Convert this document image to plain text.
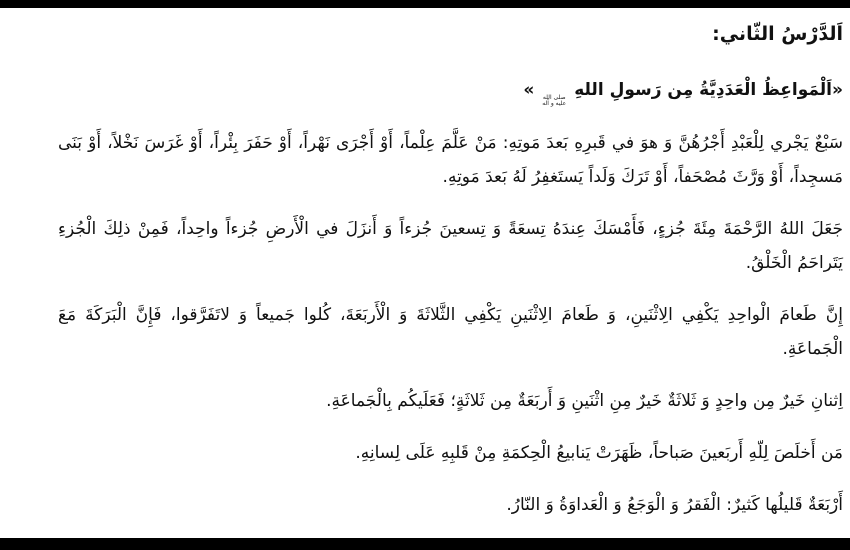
اَلدَّرْسُ الثّاني:
«اَلْمَواعِظُ الْعَدَدِيَّةُ مِن رَسولِ اللهِ
صلى الله
عليه و آله
»

سَبْعٌ يَجْري لِلْعَبْدِ أَجْرُهُنَّ وَ هوَ في قَبرِهِ بَعدَ مَوتِهِ: مَنْ عَلَّمَ عِلْماً، أَوْ أَجْرَى نَهْراً، أَوْ حَفَرَ بِئْراً، أَوْ غَرَسَ نَخْلاً، أَوْ بَنَى مَسجِداً، أَوْ وَرَّثَ مُصْحَفاً، أَوْ تَرَكَ وَلَداً يَستَغفِرُ لَهُ بَعدَ مَوتِهِ.

جَعَلَ اللهُ الرَّحْمَةَ مِئَةَ جُزءٍ، فَأَمْسَكَ عِندَهُ تِسعَةً وَ تِسعينَ جُزءاً وَ أَنزَلَ في الْأَرضِ جُزءاً واحِداً، فَمِنْ ذلِكَ الْجُزءِ يَتَراحَمُ الْخَلْقُ.

إِنَّ طَعامَ الْواحِدِ يَكْفِي الِاثْنَينِ، وَ طَعامَ الِاثْنَينِ يَكْفِي الثَّلاثَةَ وَ الْأَربَعَةَ، كُلوا جَميعاً وَ لاتَفَرَّقوا، فَإِنَّ الْبَرَكَةَ مَعَ الْجَماعَةِ.

اِثنانِ خَيرٌ مِن واحِدٍ وَ ثَلاثَةٌ خَيرٌ مِنِ اثْنَينِ وَ أَربَعَةٌ مِن ثَلاثَةٍ؛ فَعَلَيكُم بِالْجَماعَةِ.

مَن أَخلَصَ لِلّهِ أَربَعينَ صَباحاً، ظَهَرَتْ يَنابيعُ الْحِكمَةِ مِنْ قَلبِهِ عَلَى لِسانِهِ.

أَرْبَعَةٌ قَليلُها كَثيرٌ: الْفَقرُ وَ الْوَجَعُ وَ الْعَداوَةُ وَ النّارُ.
